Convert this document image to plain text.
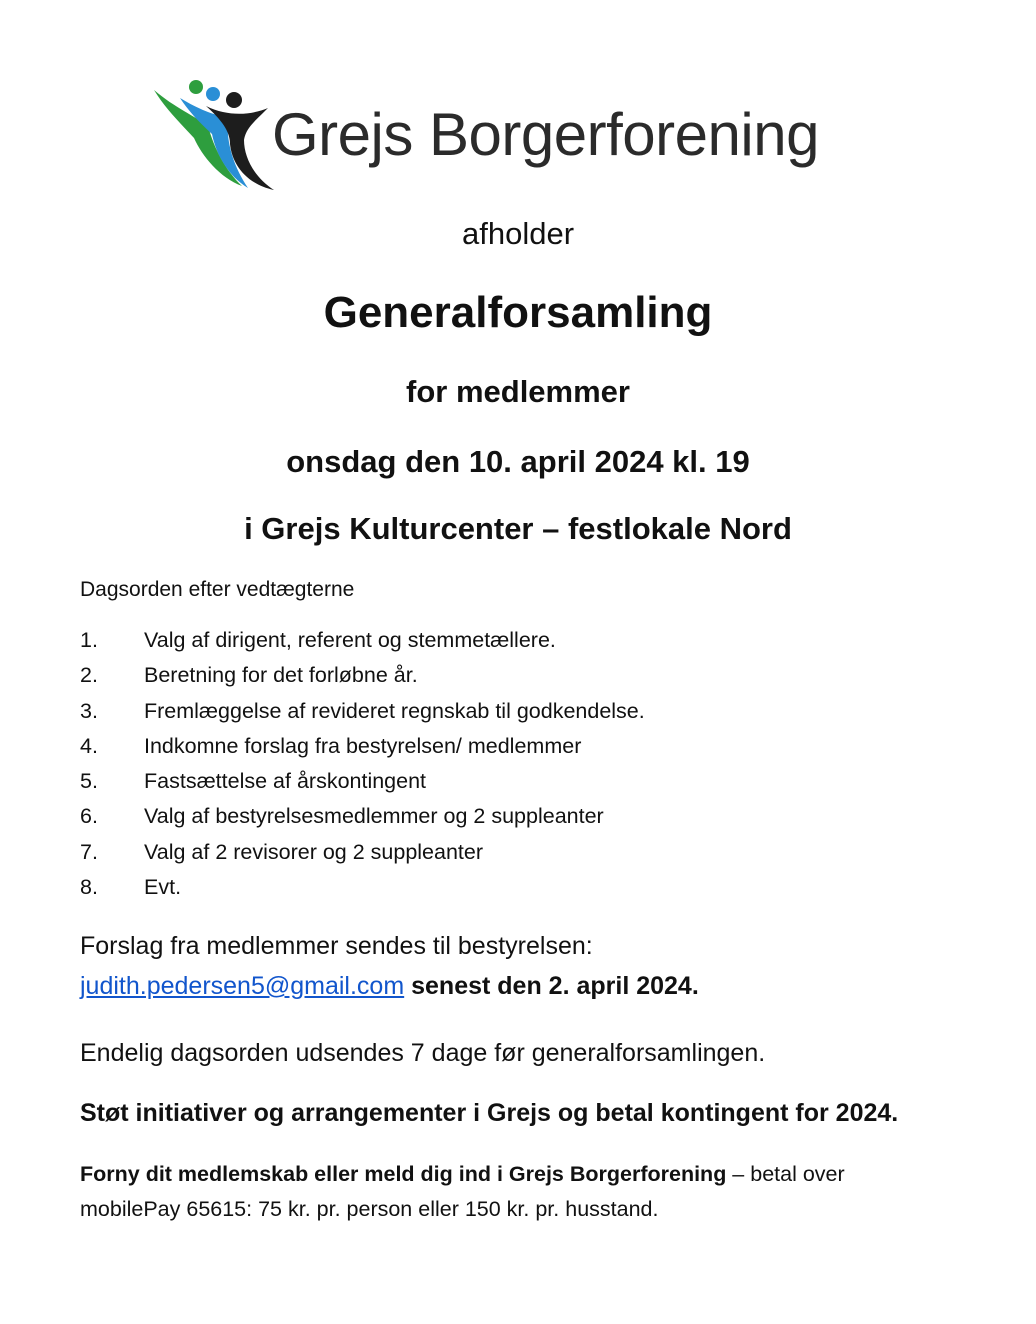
Grejs Borgerforening
afholder
Generalforsamling
for medlemmer
onsdag den 10. april 2024 kl. 19
i Grejs Kulturcenter – festlokale Nord
Dagsorden efter vedtægterne
1. Valg af dirigent, referent og stemmetællere.
2. Beretning for det forløbne år.
3. Fremlæggelse af revideret regnskab til godkendelse.
4. Indkomne forslag fra bestyrelsen/ medlemmer
5. Fastsættelse af årskontingent
6. Valg af bestyrelsesmedlemmer og 2 suppleanter
7. Valg af 2 revisorer og 2 suppleanter
8. Evt.
Forslag fra medlemmer sendes til bestyrelsen:
judith.pedersen5@gmail.com senest den 2. april 2024.
Endelig dagsorden udsendes 7 dage før generalforsamlingen.
Støt initiativer og arrangementer i Grejs og betal kontingent for 2024.
Forny dit medlemskab eller meld dig ind i Grejs Borgerforening – betal over
mobilePay 65615: 75 kr. pr. person eller 150 kr. pr. husstand.
